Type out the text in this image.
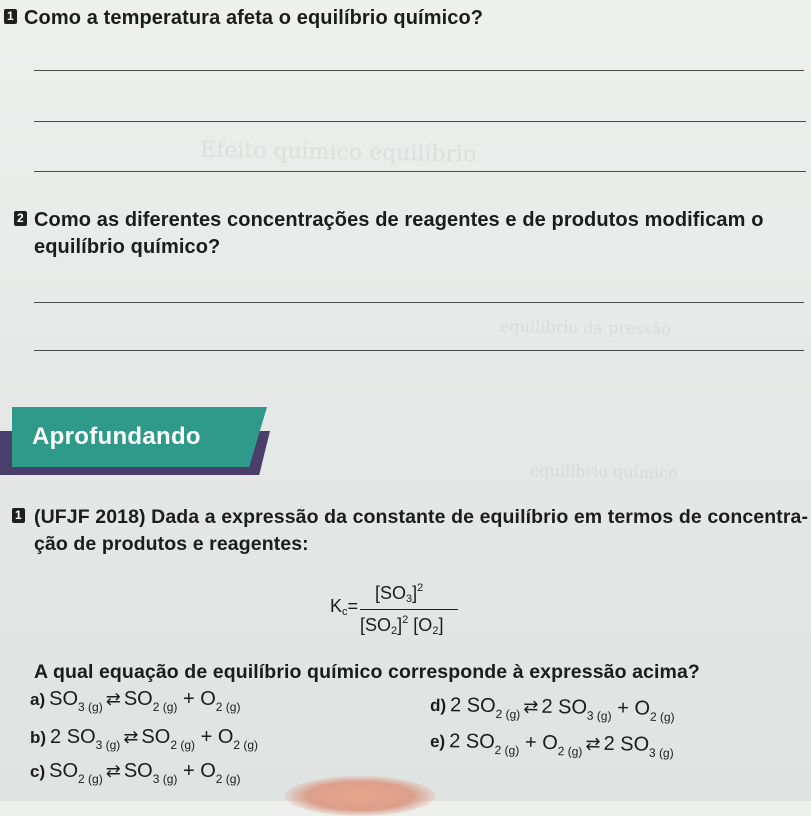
Efeito químico equilíbrio
equilíbrio da pressão
equilíbrio químico
1 Como a temperatura afeta o equilíbrio químico?
2 Como as diferentes concentrações de reagentes e de produtos modificam o
equilíbrio químico?
Aprofundando
1 (UFJF 2018) Dada a expressão da constante de equilíbrio em termos de concentra-
ção de produtos e reagentes:
$K_c=$
$[SO_3]^2$
$[SO_2]^2$ $[O_2]$
A qual equação de equilíbrio químico corresponde à expressão acima?
a) $SO_{3 (g)}$ ⇄ $SO_{2 (g)} + O_{2 (g)}$
b) 2 $SO_{3 (g)}$ ⇄ $SO_{2 (g)} + O_{2 (g)}$
c) $SO_{2 (g)}$ ⇄ $SO_{3 (g)} + O_{2 (g)}$
d) 2 $SO_{2 (g)}$ ⇄ 2 $SO_{3 (g)} + O_{2 (g)}$
e) 2 $SO_{2 (g)} + O_{2 (g)}$ ⇄ 2 $SO_{3 (g)}$
